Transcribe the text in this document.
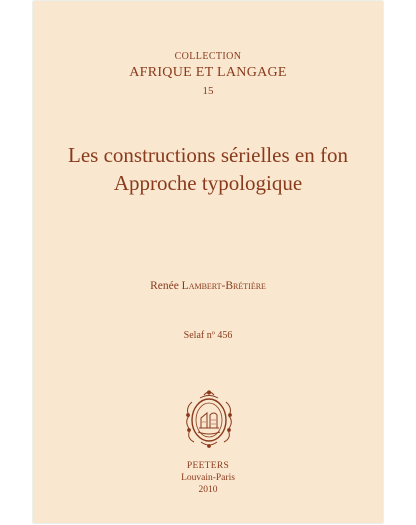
COLLECTION
AFRIQUE ET LANGAGE
15
Les constructions sérielles en fon
Approche typologique
Renée Lambert-Brétière
Selaf nº 456
PEETERS
Louvain-Paris
2010
